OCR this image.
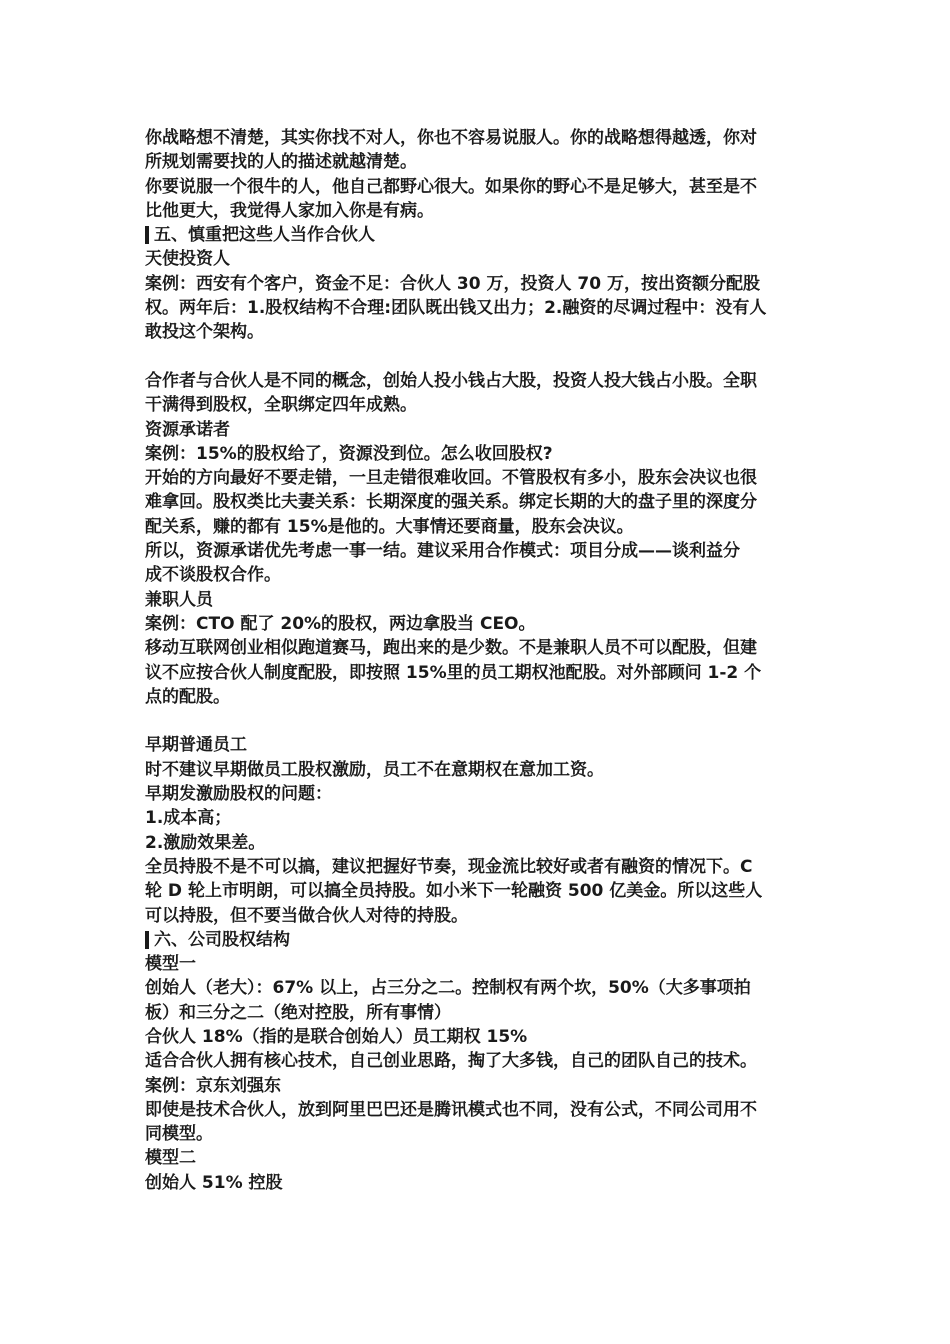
你战略想不清楚，其实你找不对人，你也不容易说服人。你的战略想得越透，你对
所规划需要找的人的描述就越清楚。
你要说服一个很牛的人，他自己都野心很大。如果你的野心不是足够大，甚至是不
比他更大，我觉得人家加入你是有病。
五、慎重把这些人当作合伙人
天使投资人
案例：西安有个客户，资金不足：合伙人 30 万，投资人 70 万，按出资额分配股
权。两年后：1.股权结构不合理:团队既出钱又出力；2.融资的尽调过程中：没有人
敢投这个架构。
合作者与合伙人是不同的概念，创始人投小钱占大股，投资人投大钱占小股。全职
干满得到股权，全职绑定四年成熟。
资源承诺者
案例：15%的股权给了，资源没到位。怎么收回股权?
开始的方向最好不要走错，一旦走错很难收回。不管股权有多小，股东会决议也很
难拿回。股权类比夫妻关系：长期深度的强关系。绑定长期的大的盘子里的深度分
配关系，赚的都有 15%是他的。大事情还要商量，股东会决议。
所以，资源承诺优先考虑一事一结。建议采用合作模式：项目分成——谈利益分
成不谈股权合作。
兼职人员
案例：CTO 配了 20%的股权，两边拿股当 CEO。
移动互联网创业相似跑道赛马，跑出来的是少数。不是兼职人员不可以配股，但建
议不应按合伙人制度配股，即按照 15%里的员工期权池配股。对外部顾问 1-2 个
点的配股。
早期普通员工
时不建议早期做员工股权激励，员工不在意期权在意加工资。
早期发激励股权的问题：
1.成本高；
2.激励效果差。
全员持股不是不可以搞，建议把握好节奏，现金流比较好或者有融资的情况下。C
轮 D 轮上市明朗，可以搞全员持股。如小米下一轮融资 500 亿美金。所以这些人
可以持股，但不要当做合伙人对待的持股。
六、公司股权结构
模型一
创始人（老大）：67% 以上，占三分之二。控制权有两个坎，50%（大多事项拍
板）和三分之二（绝对控股，所有事情）
合伙人 18%（指的是联合创始人）员工期权 15%
适合合伙人拥有核心技术，自己创业思路，掏了大多钱，自己的团队自己的技术。
案例：京东刘强东
即使是技术合伙人，放到阿里巴巴还是腾讯模式也不同，没有公式，不同公司用不
同模型。
模型二
创始人 51% 控股
